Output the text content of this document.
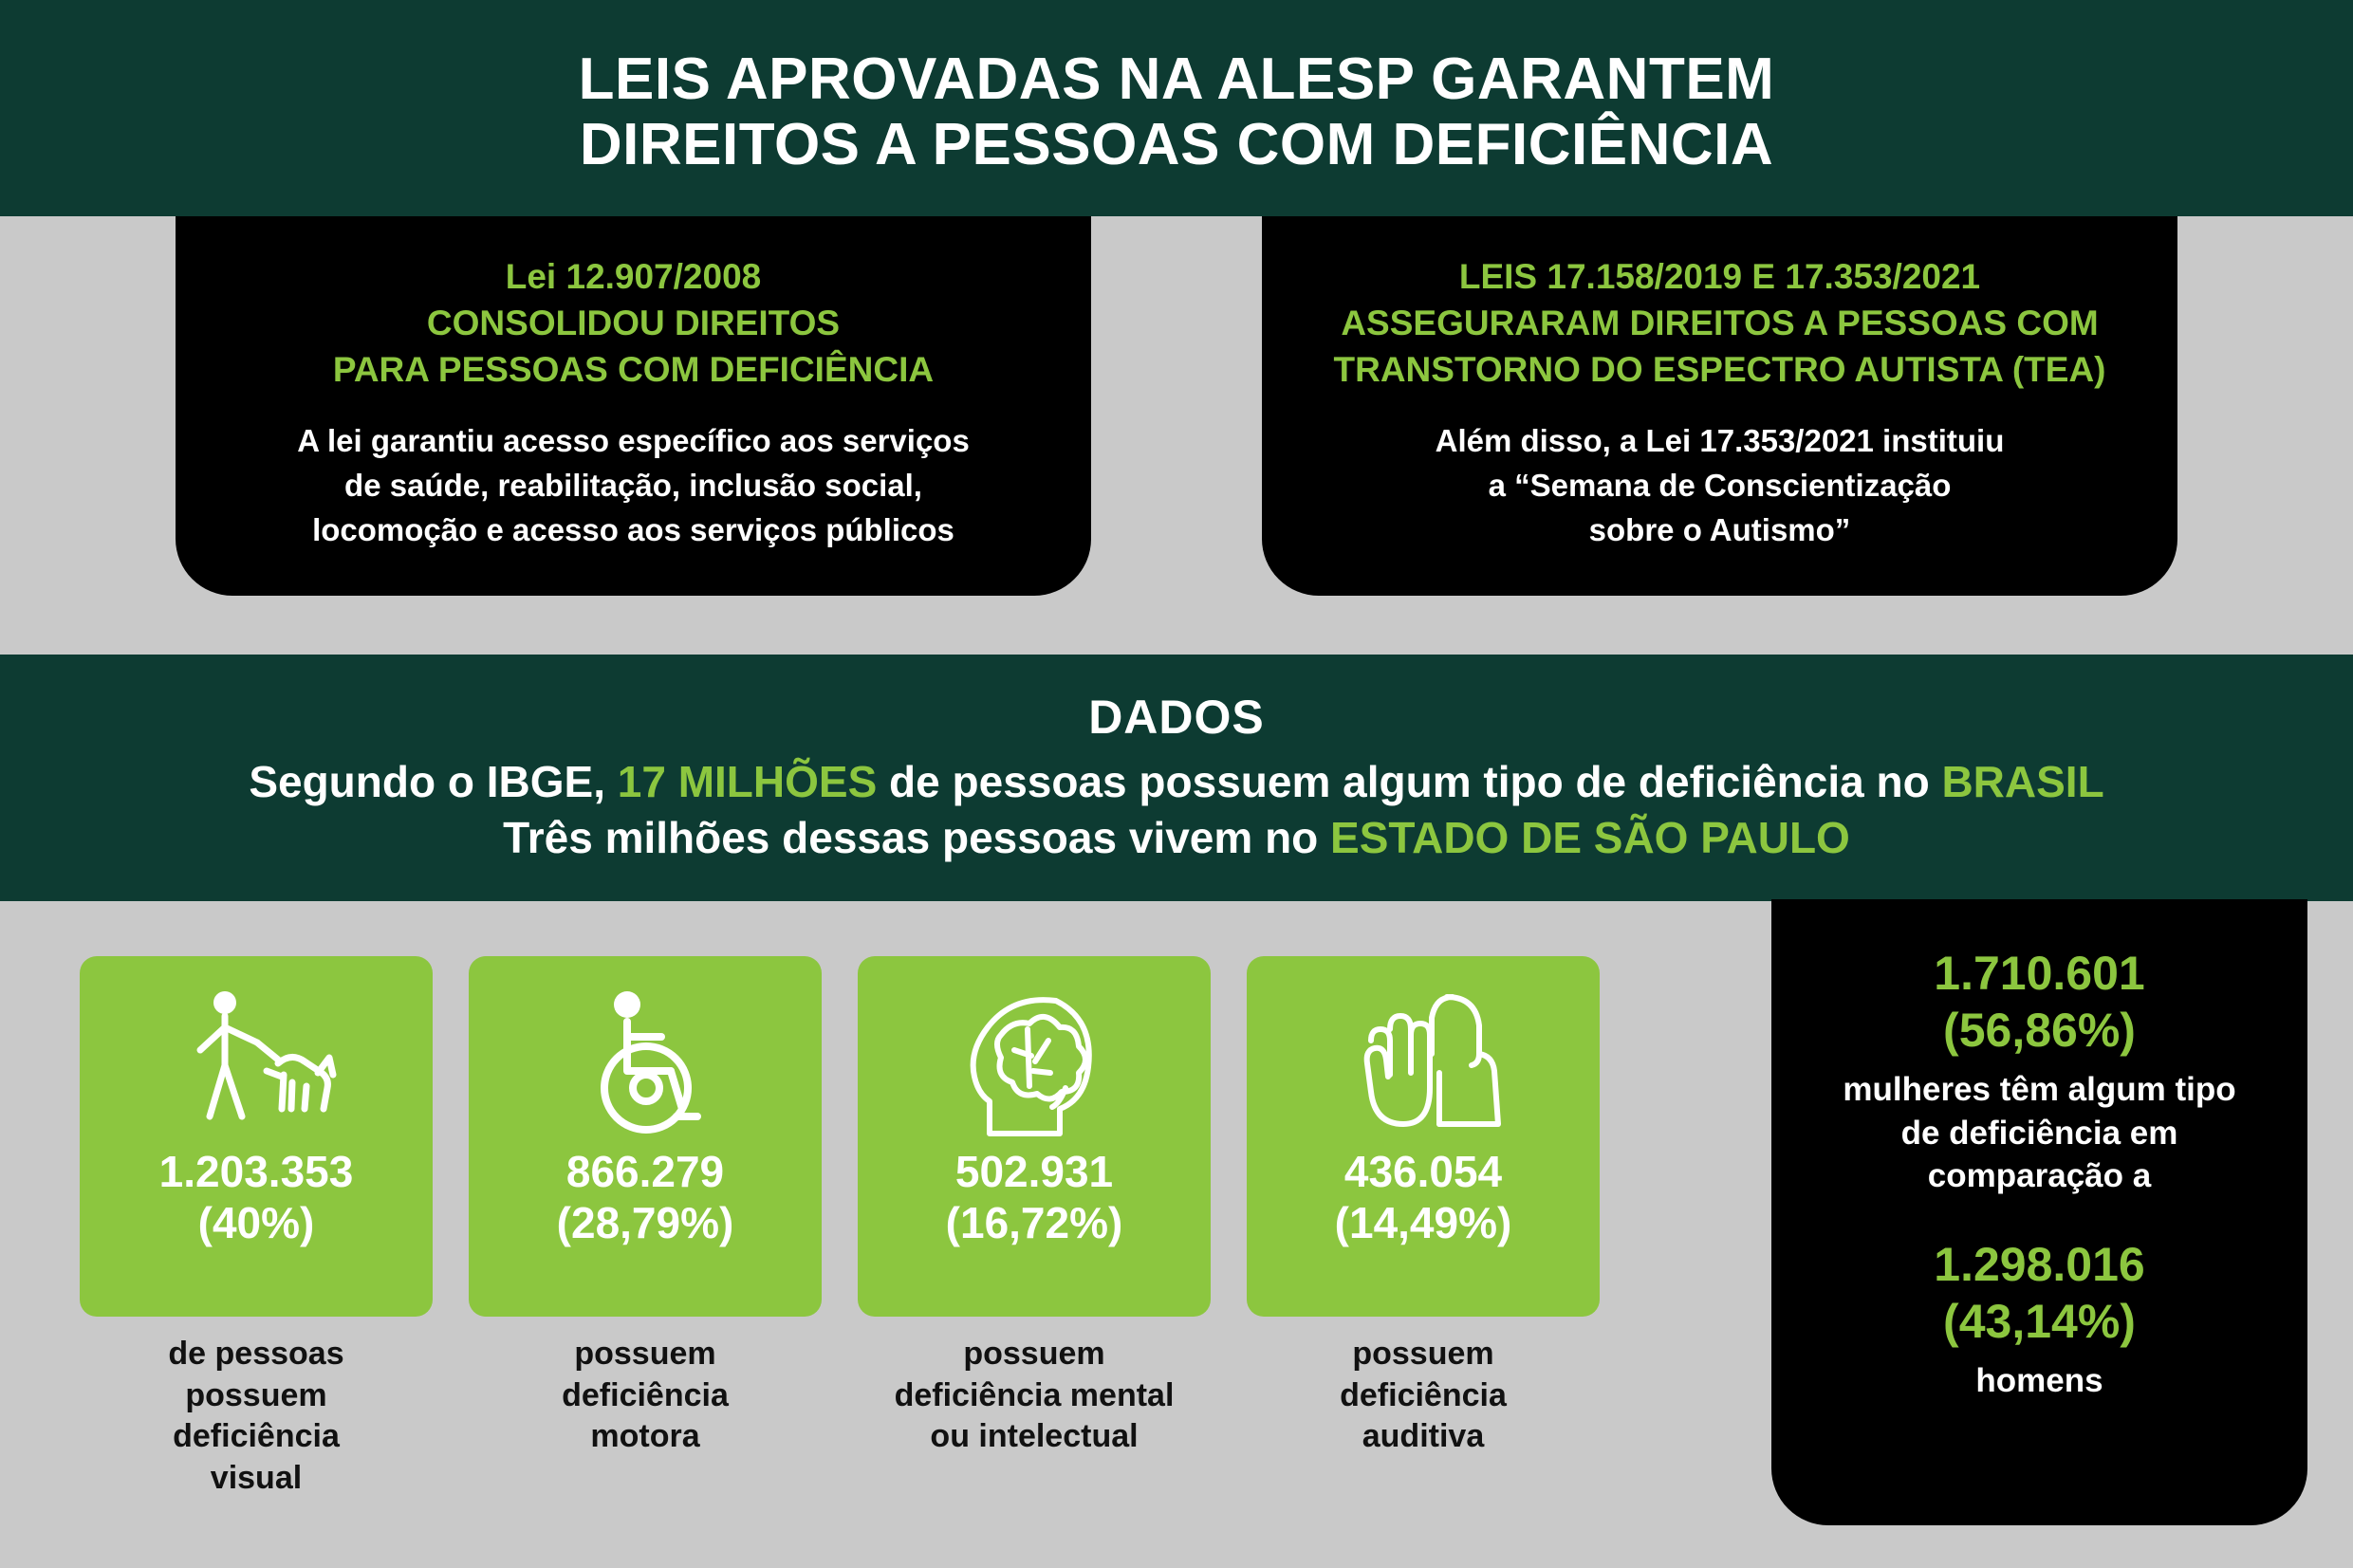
LEIS APROVADAS NA ALESP GARANTEM
DIREITOS A PESSOAS COM DEFICIÊNCIA
Lei 12.907/2008
CONSOLIDOU DIREITOS
PARA PESSOAS COM DEFICIÊNCIA
A lei garantiu acesso específico aos serviços
de saúde, reabilitação, inclusão social,
locomoção e acesso aos serviços públicos
LEIS 17.158/2019 E 17.353/2021
ASSEGURARAM DIREITOS A PESSOAS COM
TRANSTORNO DO ESPECTRO AUTISTA (TEA)
Além disso, a Lei 17.353/2021 instituiu
a “Semana de Conscientização
sobre o Autismo”
DADOS
Segundo o IBGE, 17 MILHÕES de pessoas possuem algum tipo de deficiência no BRASIL
Três milhões dessas pessoas vivem no ESTADO DE SÃO PAULO
1.203.353
(40%)
de pessoas
possuem
deficiência
visual
866.279
(28,79%)
possuem
deficiência
motora
502.931
(16,72%)
possuem
deficiência mental
ou intelectual
436.054
(14,49%)
possuem
deficiência
auditiva
1.710.601
(56,86%)
mulheres têm algum tipo
de deficiência em
comparação a
1.298.016
(43,14%)
homens
